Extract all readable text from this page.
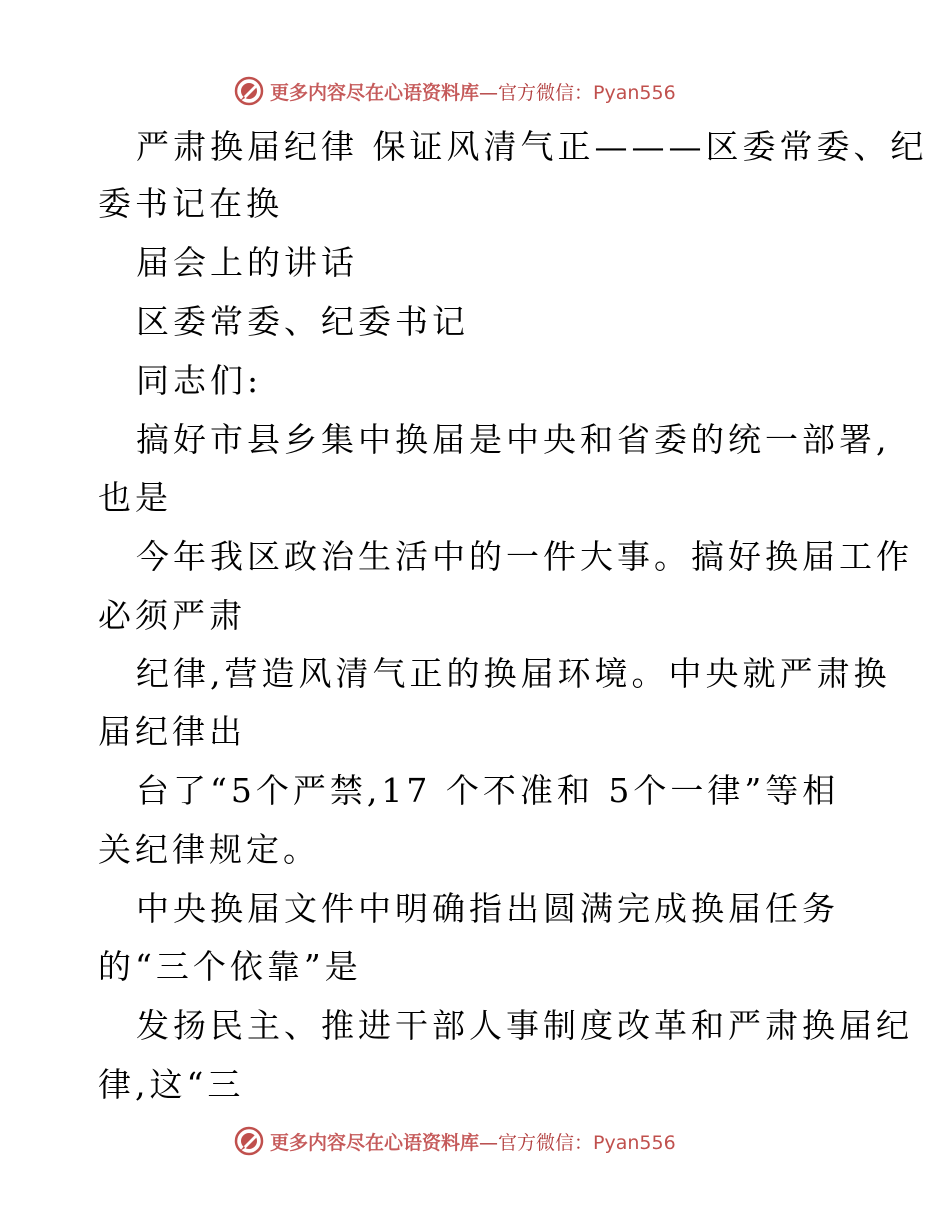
更多内容尽在心语资料库—官方微信：Pyan556
严肃换届纪律 保证风清气正———区委常委、纪
委书记在换
届会上的讲话
区委常委、纪委书记
同志们:
搞好市县乡集中换届是中央和省委的统一部署,
也是
今年我区政治生活中的一件大事。搞好换届工作
必须严肃
纪律,营造风清气正的换届环境。中央就严肃换
届纪律出
台了“5个严禁,17 个不准和 5个一律”等相
关纪律规定。
中央换届文件中明确指出圆满完成换届任务
的“三个依靠”是
发扬民主、推进干部人事制度改革和严肃换届纪
律,这“三
更多内容尽在心语资料库—官方微信：Pyan556
